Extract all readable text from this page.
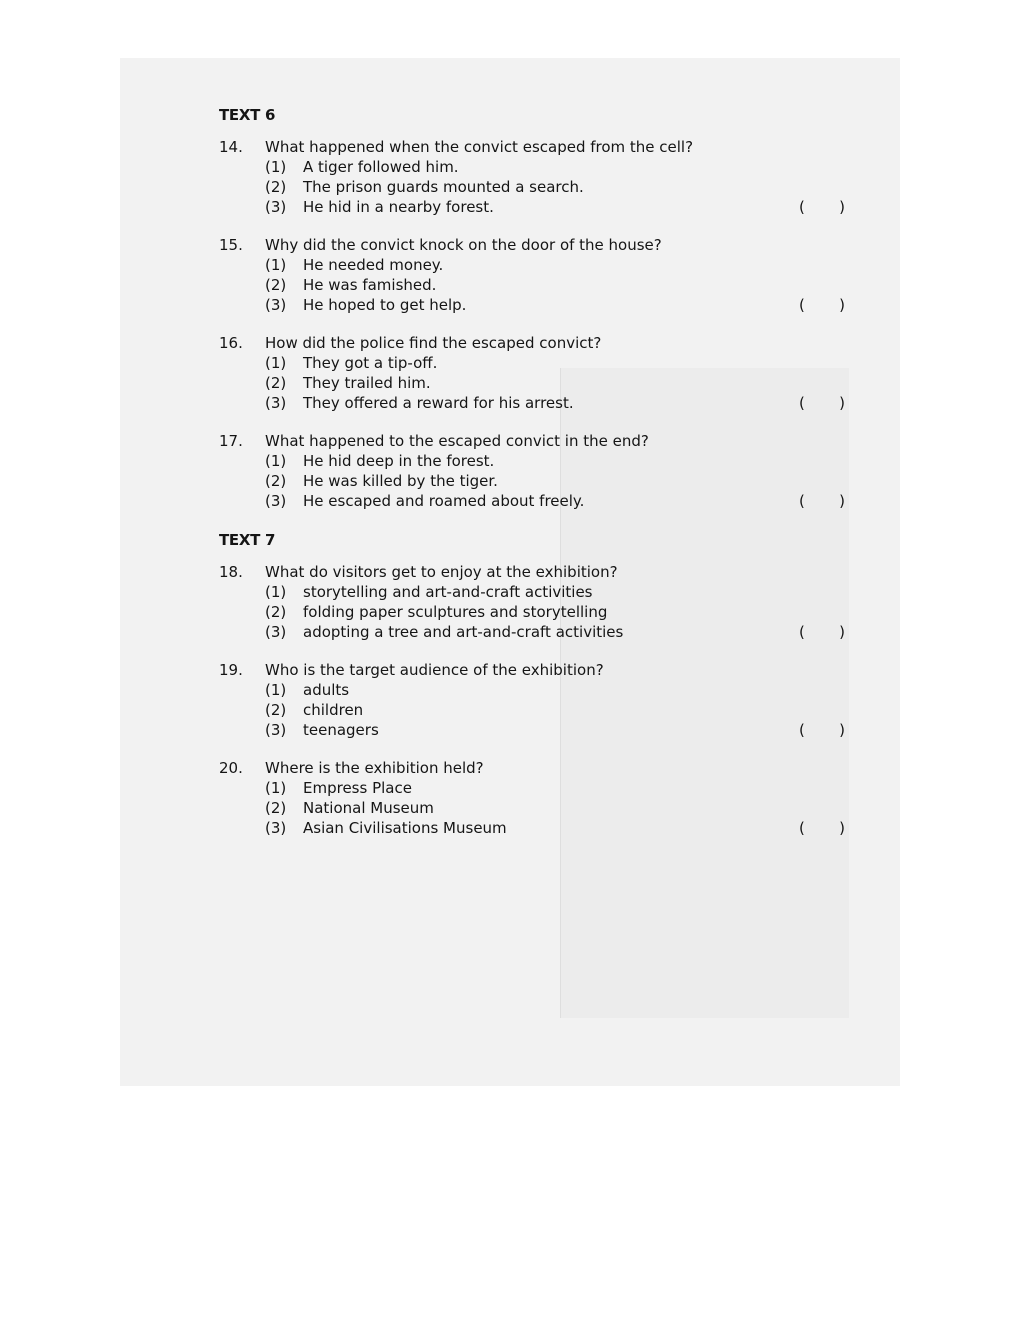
TEXT 6
14. What happened when the convict escaped from the cell?
(1) A tiger followed him.
(2) The prison guards mounted a search.
(3) He hid in a nearby forest.	( )
15. Why did the convict knock on the door of the house?
(1) He needed money.
(2) He was famished.
(3) He hoped to get help.	( )
16. How did the police find the escaped convict?
(1) They got a tip-off.
(2) They trailed him.
(3) They offered a reward for his arrest.	( )
17. What happened to the escaped convict in the end?
(1) He hid deep in the forest.
(2) He was killed by the tiger.
(3) He escaped and roamed about freely.	( )
TEXT 7
18. What do visitors get to enjoy at the exhibition?
(1) storytelling and art-and-craft activities
(2) folding paper sculptures and storytelling
(3) adopting a tree and art-and-craft activities	( )
19. Who is the target audience of the exhibition?
(1) adults
(2) children
(3) teenagers	( )
20. Where is the exhibition held?
(1) Empress Place
(2) National Museum
(3) Asian Civilisations Museum	( )
